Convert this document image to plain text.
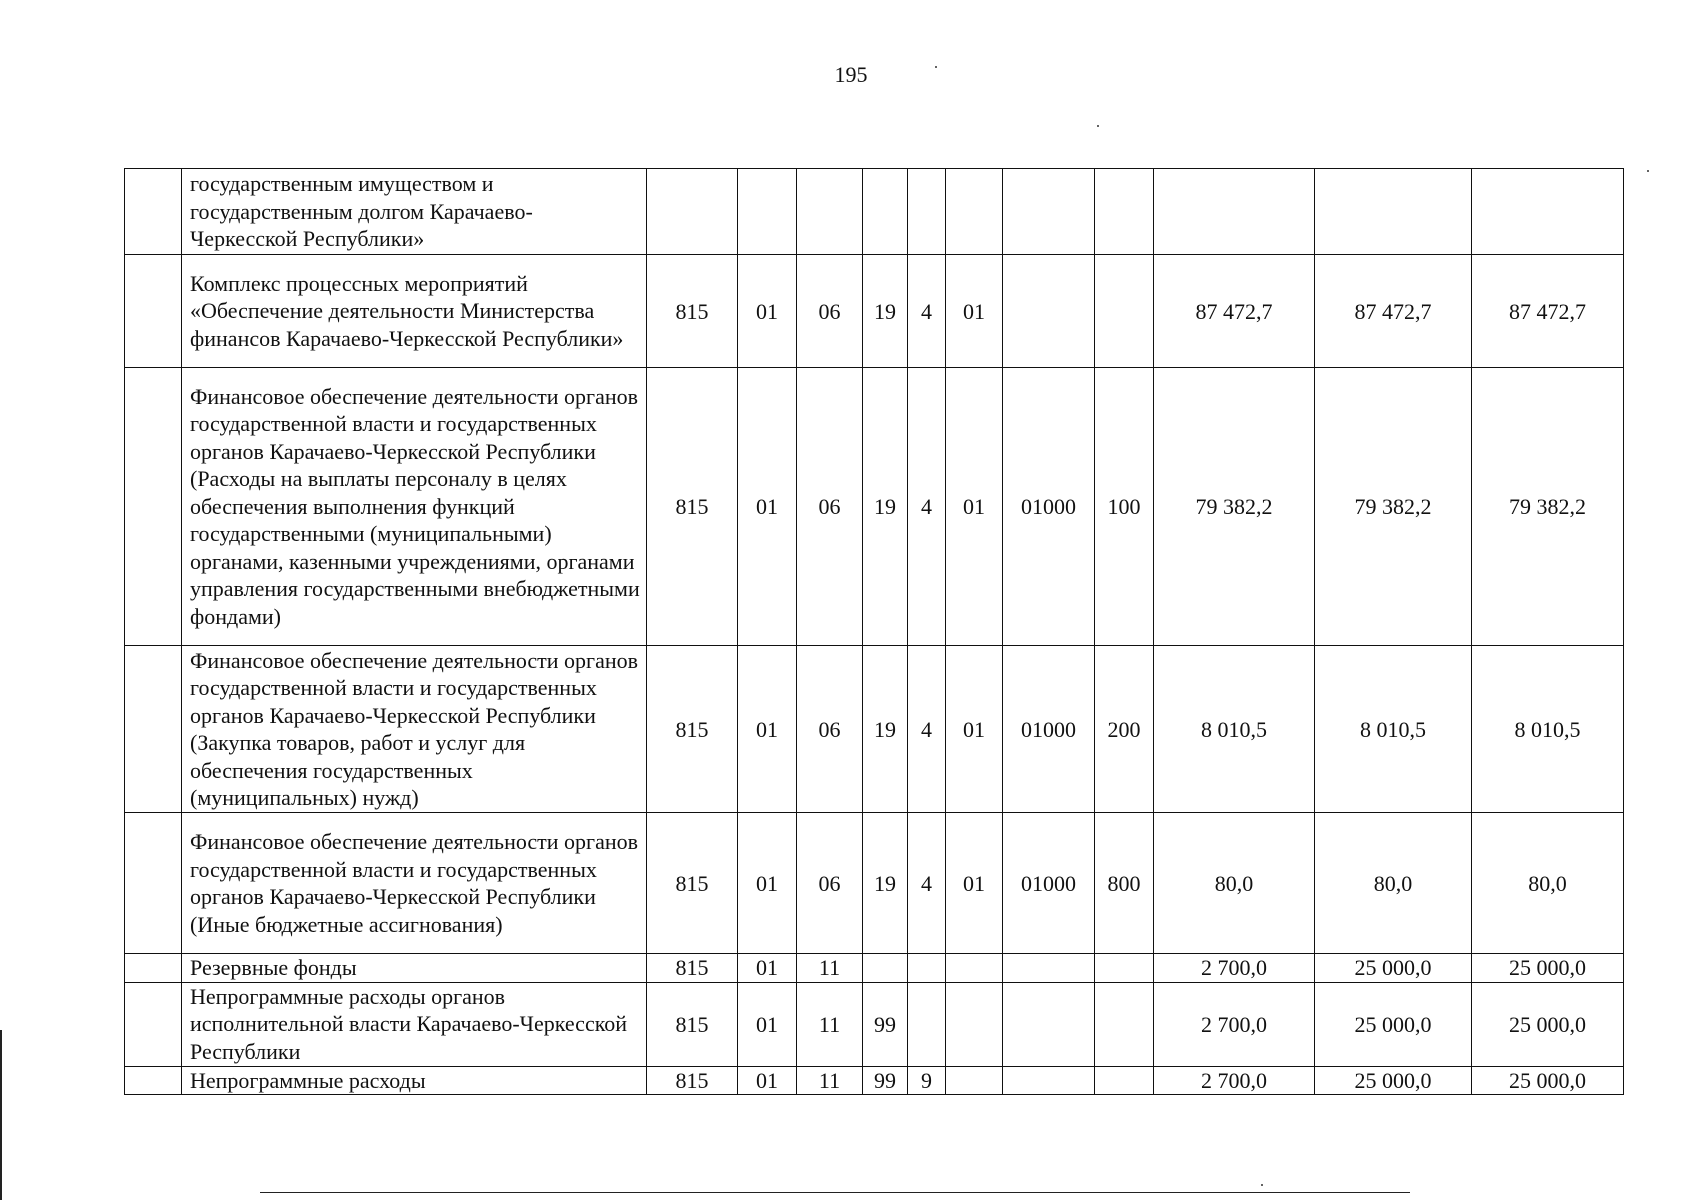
195
	государственным имуществом и государственным долгом Карачаево-Черкесской Республики»											
	Комплекс процессных мероприятий «Обеспечение деятельности Министерства финансов Карачаево-Черкесской Республики»	815	01	06	19	4	01			87 472,7	87 472,7	87 472,7
	Финансовое обеспечение деятельности органов государственной власти и государственных органов Карачаево-Черкесской Республики (Расходы на выплаты персоналу в целях обеспечения выполнения функций государственными (муниципальными) органами, казенными учреждениями, органами управления государственными внебюджетными фондами)	815	01	06	19	4	01	01000	100	79 382,2	79 382,2	79 382,2
	Финансовое обеспечение деятельности органов государственной власти и государственных органов Карачаево-Черкесской Республики (Закупка товаров, работ и услуг для обеспечения государственных (муниципальных) нужд)	815	01	06	19	4	01	01000	200	8 010,5	8 010,5	8 010,5
	Финансовое обеспечение деятельности органов государственной власти и государственных органов Карачаево-Черкесской Республики (Иные бюджетные ассигнования)	815	01	06	19	4	01	01000	800	80,0	80,0	80,0
	Резервные фонды	815	01	11						2 700,0	25 000,0	25 000,0
	Непрограммные расходы органов исполнительной власти Карачаево-Черкесской Республики	815	01	11	99					2 700,0	25 000,0	25 000,0
	Непрограммные расходы	815	01	11	99	9				2 700,0	25 000,0	25 000,0
